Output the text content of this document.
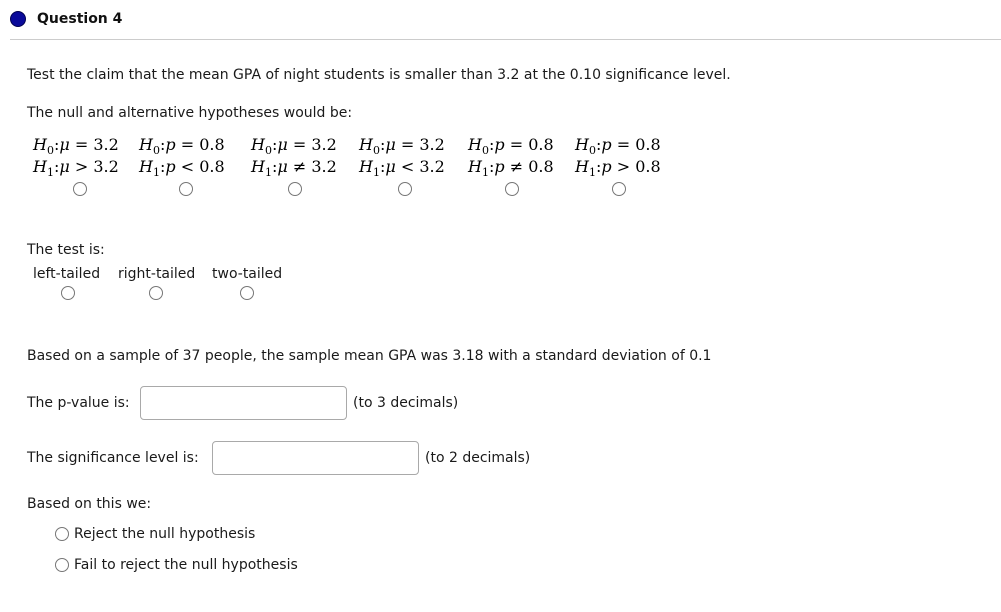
Question 4
Test the claim that the mean GPA of night students is smaller than 3.2 at the 0.10 significance level.
The null and alternative hypotheses would be:
$H_0:\mu = 3.2$
$H_1:\mu > 3.2$
$H_0:p = 0.8$
$H_1:p < 0.8$
$H_0:\mu = 3.2$
$H_1:\mu \ne 3.2$
$H_0:\mu = 3.2$
$H_1:\mu < 3.2$
$H_0:p = 0.8$
$H_1:p \ne 0.8$
$H_0:p = 0.8$
$H_1:p > 0.8$
The test is:
left-tailed right-tailed two-tailed
Based on a sample of 37 people, the sample mean GPA was 3.18 with a standard deviation of 0.1
The p-value is:	(to 3 decimals)
The significance level is:	(to 2 decimals)
Based on this we:
Reject the null hypothesis
Fail to reject the null hypothesis
